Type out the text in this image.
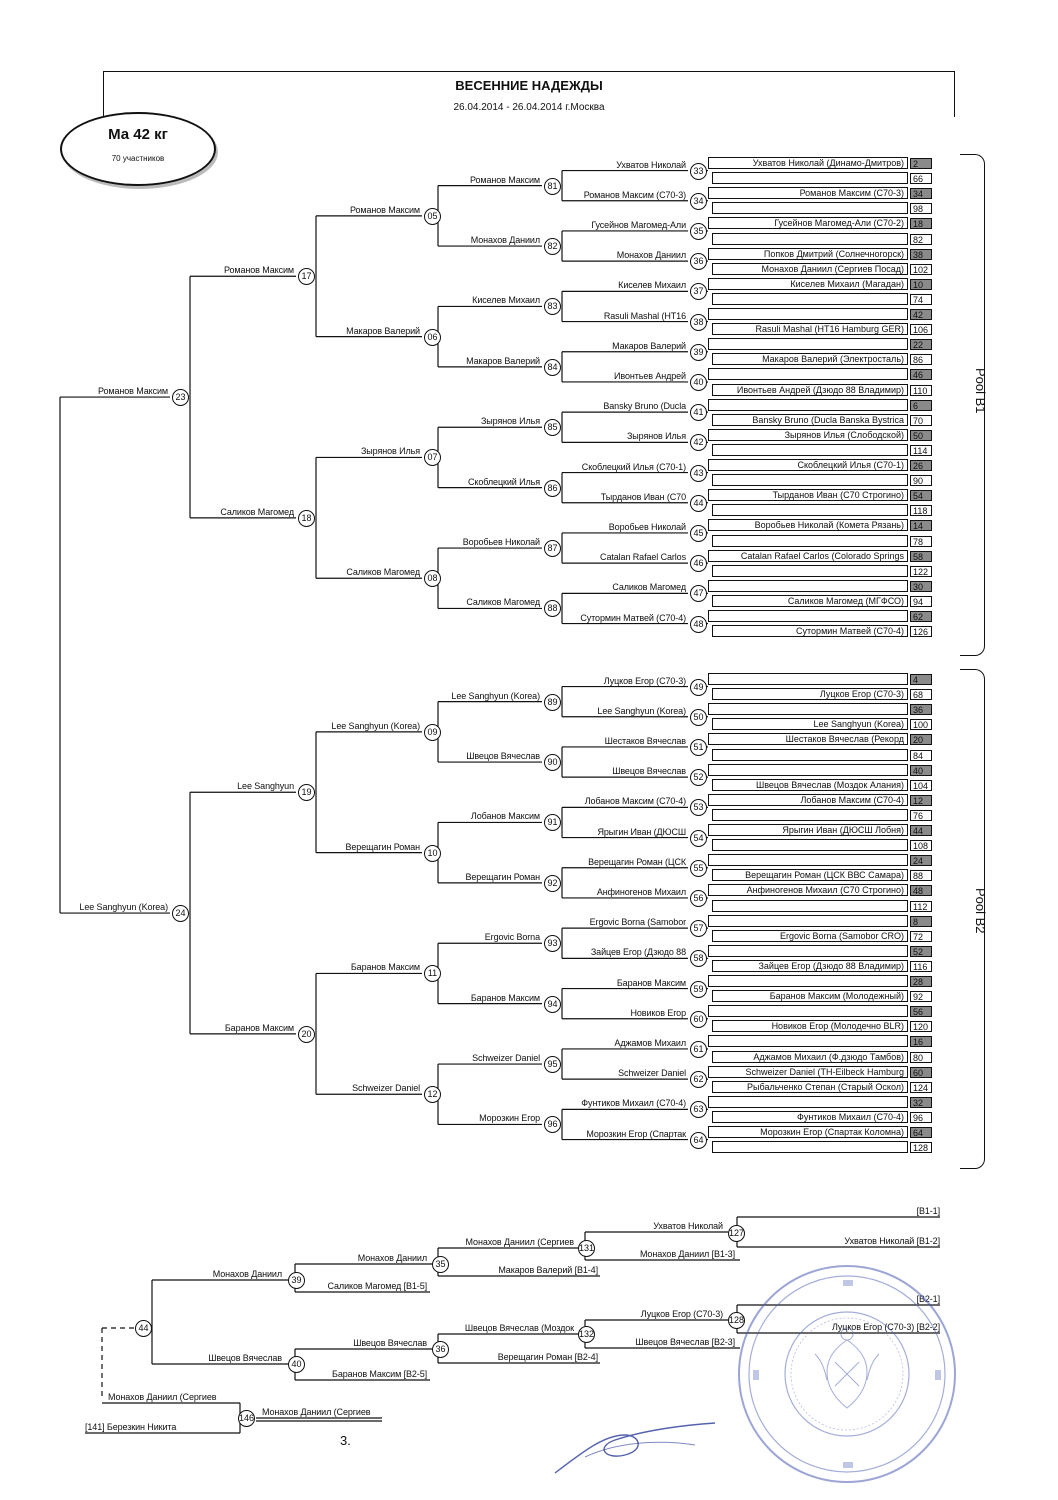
ВЕСЕННИЕ НАДЕЖДЫ
26.04.2014 - 26.04.2014 г.Москва
Ма 42 кг
70 участников
Pool B1
Pool B2
Ухватов Николай (Динамо-Дмитров)	2
66
Романов Максим (С70-3)	34
98
Гусейнов Магомед-Али (С70-2)	18
82
Попков Дмитрий (Солнечногорск)	38
Монахов Даниил (Сергиев Посад)	102
Киселев Михаил (Магадан)	10
74
42
Rasuli Mashal (HT16 Hamburg GER)	106
22
Макаров Валерий (Электросталь)	86
46
Ивонтьев Андрей (Дзюдо 88 Владимир)	110
6
Bansky Bruno (Ducla Banska Bystrica	70
Зырянов Илья (Слободской)	50
114
Скоблецкий Илья (С70-1)	26
90
Тырданов Иван (С70 Строгино)	54
118
Воробьев Николай (Комета Рязань)	14
78
Catalan Rafael Carlos (Colorado Springs	58
122
30
Саликов Магомед (МГФСО)	94
62
Сутормин Матвей (С70-4)	126
4
Луцков Егор (С70-3)	68
36
Lee Sanghyun (Korea)	100
Шестаков Вячеслав (Рекорд	20
84
40
Швецов Вячеслав (Моздок Алания)	104
Лобанов Максим (С70-4)	12
76
Ярыгин Иван (ДЮСШ Лобня)	44
108
24
Верещагин Роман (ЦСК ВВС Самара)	88
Анфиногенов Михаил (С70 Строгино)	48
112
8
Ergovic Borna (Samobor CRO)	72
52
Зайцев Егор (Дзюдо 88 Владимир)	116
28
Баранов Максим (Молодежный)	92
56
Новиков Егор (Молодечно BLR)	120
16
Аджамов Михаил (Ф.дзюдо Тамбов)	80
Schweizer Daniel (TH-Eilbeck Hamburg	60
Рыбальченко Степан (Старый Оскол)	124
32
Фунтиков Михаил (С70-4)	96
Морозкин Егор (Спартак Коломна)	64
128
33
34
35
36
37
38
39
40
41
42
43
44
45
46
47
48
49
50
51
52
53
54
55
56
57
58
59
60
61
62
63
64
Ухватов Николай
Романов Максим (С70-3)
Гусейнов Магомед-Али
Монахов Даниил
Киселев Михаил
Rasuli Mashal (HT16
Макаров Валерий
Ивонтьев Андрей
Bansky Bruno (Ducla
Зырянов Илья
Скоблецкий Илья (С70-1)
Тырданов Иван (С70
Воробьев Николай
Catalan Rafael Carlos
Саликов Магомед
Сутормин Матвей (С70-4)
Луцков Егор (С70-3)
Lee Sanghyun (Korea)
Шестаков Вячеслав
Швецов Вячеслав
Лобанов Максим (С70-4)
Ярыгин Иван (ДЮСШ
Верещагин Роман (ЦСК
Анфиногенов Михаил
Ergovic Borna (Samobor
Зайцев Егор (Дзюдо 88
Баранов Максим
Новиков Егор
Аджамов Михаил
Schweizer Daniel
Фунтиков Михаил (С70-4)
Морозкин Егор (Спартак
81
82
83
84
85
86
87
88
89
90
91
92
93
94
95
96
Романов Максим
Монахов Даниил
Киселев Михаил
Макаров Валерий
Зырянов Илья
Скоблецкий Илья
Воробьев Николай
Саликов Магомед
Lee Sanghyun (Korea)
Швецов Вячеслав
Лобанов Максим
Верещагин Роман
Ergovic Borna
Баранов Максим
Schweizer Daniel
Морозкин Егор
05
06
07
08
09
10
11
12
Романов Максим
Макаров Валерий
Зырянов Илья
Саликов Магомед
Lee Sanghyun (Korea)
Верещагин Роман
Баранов Максим
Schweizer Daniel
17
18
19
20
Романов Максим
Саликов Магомед
Lee Sanghyun
Баранов Максим
23
24
Романов Максим
Lee Sanghyun (Korea)
[B1-1]
Ухватов Николай [B1-2]
127
Ухватов Николай
Монахов Даниил [B1-3]
131
Монахов Даниил (Сергиев
Макаров Валерий [B1-4]
35
Монахов Даниил
Саликов Магомед [B1-5]
39
Монахов Даниил
[B2-1]
Луцков Егор (С70-3) [B2-2]
128
Луцков Егор (С70-3)
Швецов Вячеслав [B2-3]
132
Швецов Вячеслав (Моздок
Верещагин Роман [B2-4]
36
Швецов Вячеслав
Баранов Максим [B2-5]
40
Швецов Вячеслав
44
Монахов Даниил (Сергиев
[141] Березкин Никита
146
Монахов Даниил (Сергиев
3.
